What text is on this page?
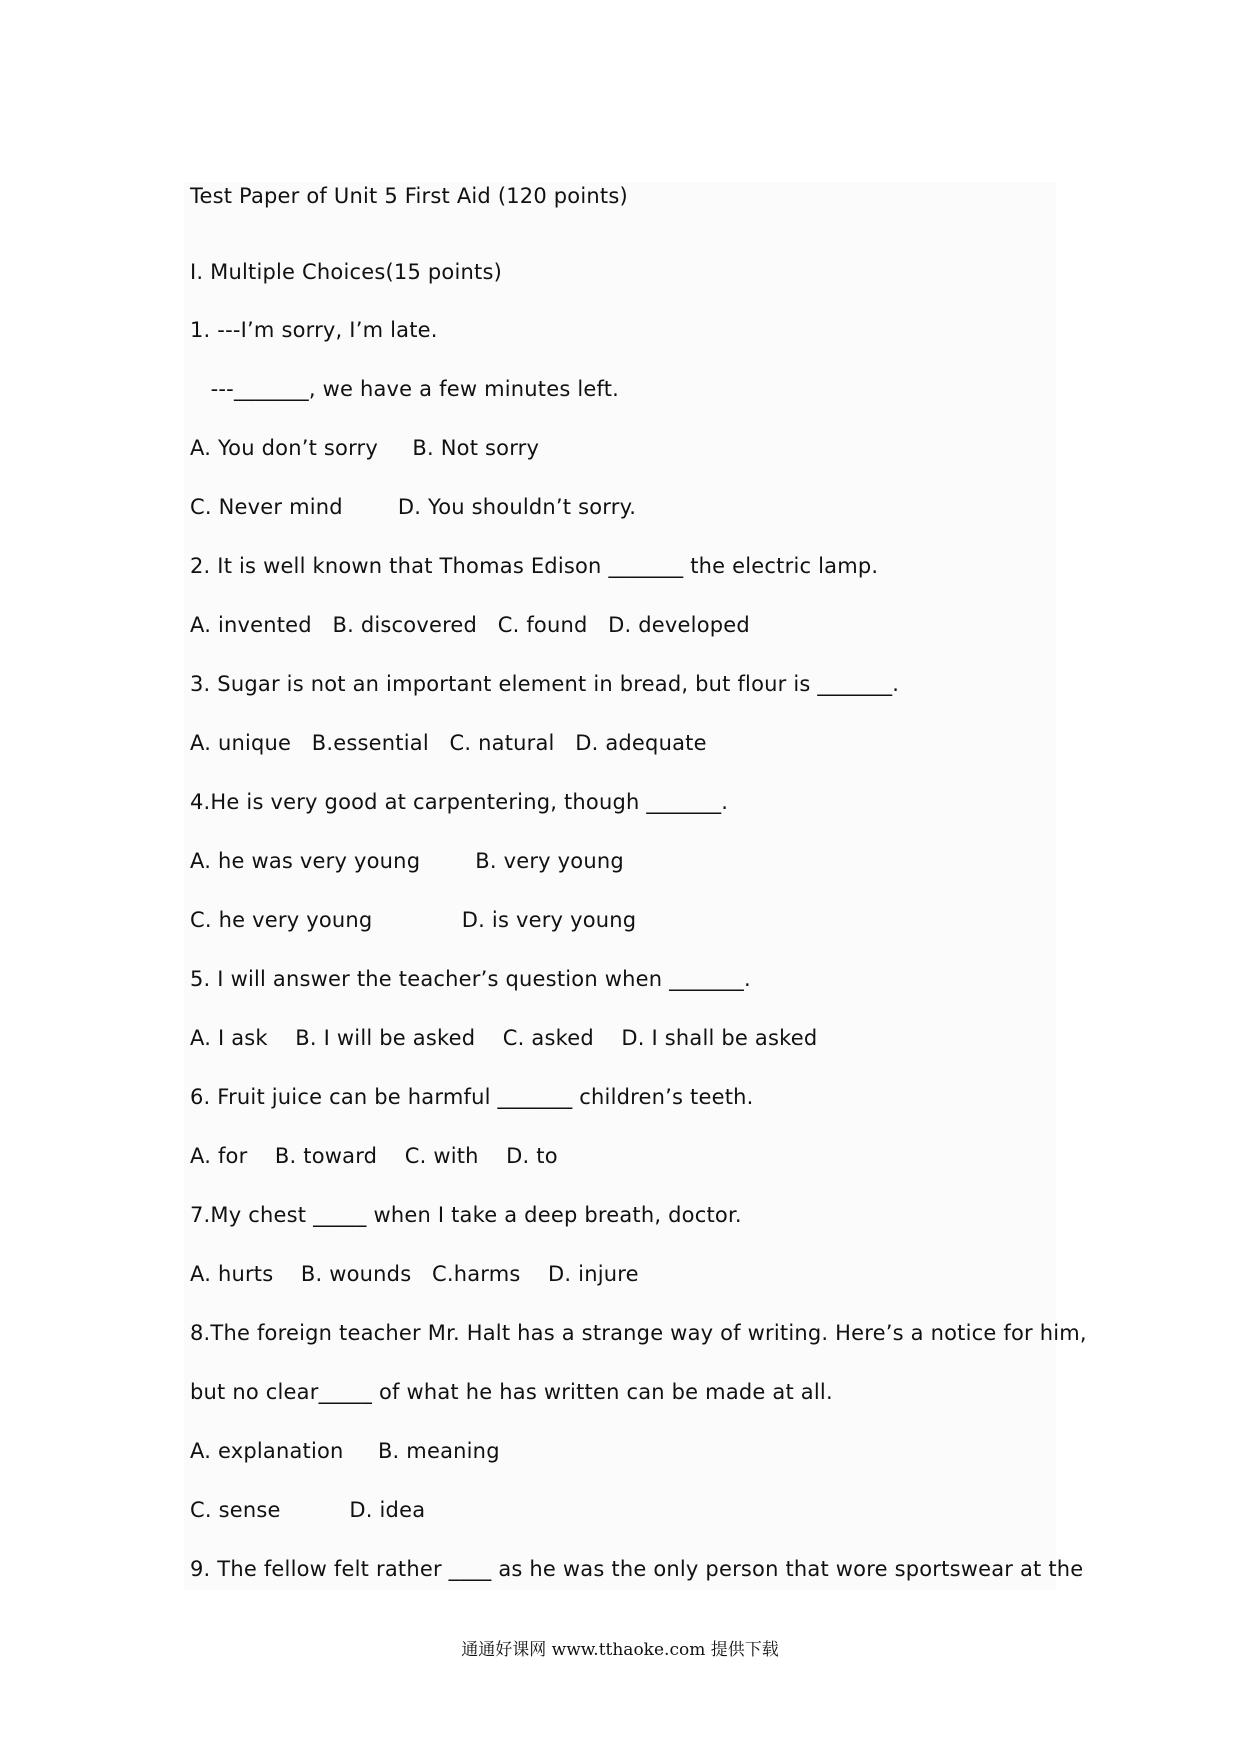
Test Paper of Unit 5 First Aid (120 points)
I. Multiple Choices(15 points)
1. ---I’m sorry, I’m late.
---_______, we have a few minutes left.
A. You don’t sorry     B. Not sorry
C. Never mind        D. You shouldn’t sorry.
2. It is well known that Thomas Edison _______ the electric lamp.
A. invented   B. discovered   C. found   D. developed
3. Sugar is not an important element in bread, but flour is _______.
A. unique   B.essential   C. natural   D. adequate
4.He is very good at carpentering, though _______.
A. he was very young        B. very young
C. he very young             D. is very young
5. I will answer the teacher’s question when _______.
A. I ask    B. I will be asked    C. asked    D. I shall be asked
6. Fruit juice can be harmful _______ children’s teeth.
A. for    B. toward    C. with    D. to
7.My chest _____ when I take a deep breath, doctor.
A. hurts    B. wounds   C.harms    D. injure
8.The foreign teacher Mr. Halt has a strange way of writing. Here’s a notice for him,
but no clear_____ of what he has written can be made at all.
A. explanation     B. meaning
C. sense          D. idea
9. The fellow felt rather ____ as he was the only person that wore sportswear at the
通通好课网 www.tthaoke.com 提供下载
